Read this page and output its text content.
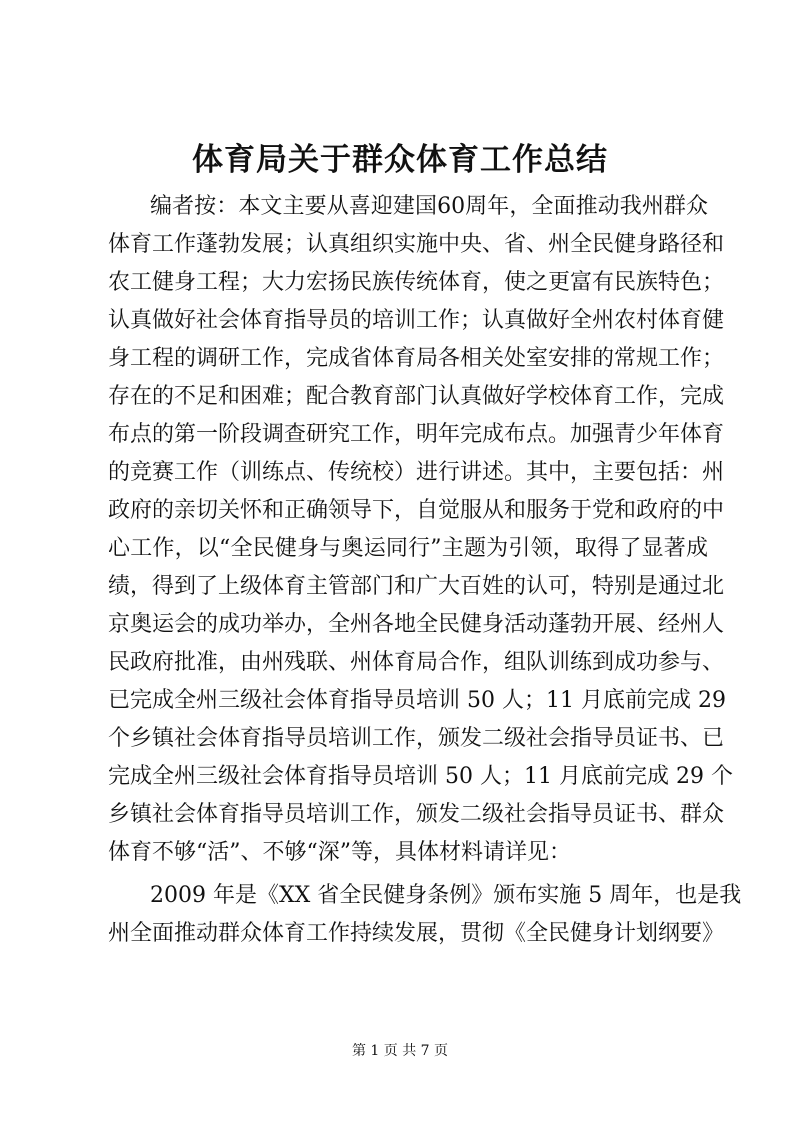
体育局关于群众体育工作总结
编者按：本文主要从喜迎建国60周年，全面推动我州群众
体育工作蓬勃发展；认真组织实施中央、省、州全民健身路径和
农工健身工程；大力宏扬民族传统体育，使之更富有民族特色；
认真做好社会体育指导员的培训工作；认真做好全州农村体育健
身工程的调研工作，完成省体育局各相关处室安排的常规工作；
存在的不足和困难；配合教育部门认真做好学校体育工作，完成
布点的第一阶段调查研究工作，明年完成布点。加强青少年体育
的竞赛工作（训练点、传统校）进行讲述。其中，主要包括：州
政府的亲切关怀和正确领导下，自觉服从和服务于党和政府的中
心工作，以“全民健身与奥运同行”主题为引领，取得了显著成
绩，得到了上级体育主管部门和广大百姓的认可，特别是通过北
京奥运会的成功举办，全州各地全民健身活动蓬勃开展、经州人
民政府批准，由州残联、州体育局合作，组队训练到成功参与、
已完成全州三级社会体育指导员培训 50 人；11 月底前完成 29
个乡镇社会体育指导员培训工作，颁发二级社会指导员证书、已
完成全州三级社会体育指导员培训 50 人；11 月底前完成 29 个
乡镇社会体育指导员培训工作，颁发二级社会指导员证书、群众
体育不够“活”、不够“深”等，具体材料请详见：
2009 年是《XX 省全民健身条例》颁布实施 5 周年，也是我
州全面推动群众体育工作持续发展，贯彻《全民健身计划纲要》
第 1 页 共 7 页
